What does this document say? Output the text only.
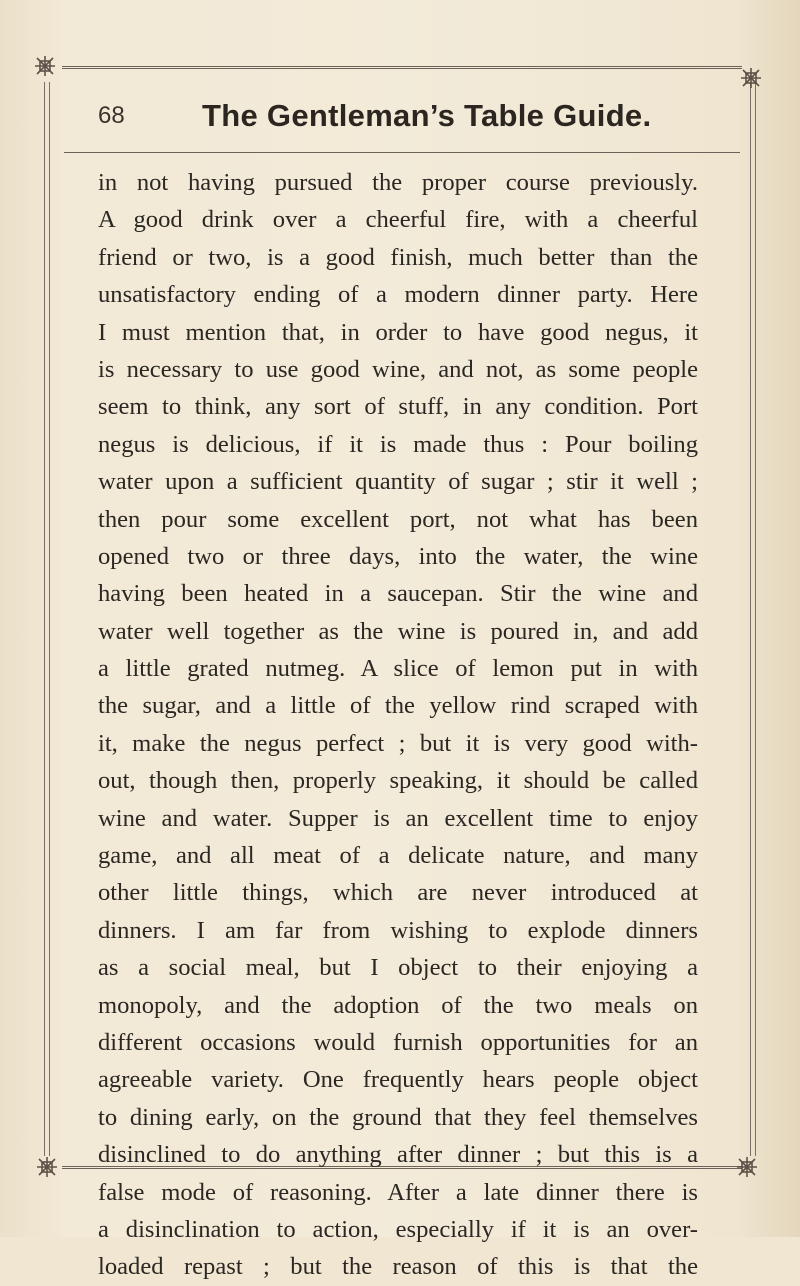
68 The Gentleman’s Table Guide.
in not having pursued the proper course previously.
A good drink over a cheerful fire, with a cheerful
friend or two, is a good finish, much better than the
unsatisfactory ending of a modern dinner party. Here
I must mention that, in order to have good negus, it
is necessary to use good wine, and not, as some people
seem to think, any sort of stuff, in any condition. Port
negus is delicious, if it is made thus : Pour boiling
water upon a sufficient quantity of sugar ; stir it well ;
then pour some excellent port, not what has been
opened two or three days, into the water, the wine
having been heated in a saucepan. Stir the wine and
water well together as the wine is poured in, and add
a little grated nutmeg. A slice of lemon put in with
the sugar, and a little of the yellow rind scraped with
it, make the negus perfect ; but it is very good with-
out, though then, properly speaking, it should be called
wine and water. Supper is an excellent time to enjoy
game, and all meat of a delicate nature, and many
other little things, which are never introduced at
dinners. I am far from wishing to explode dinners
as a social meal, but I object to their enjoying a
monopoly, and the adoption of the two meals on
different occasions would furnish opportunities for an
agreeable variety. One frequently hears people object
to dining early, on the ground that they feel themselves
disinclined to do anything after dinner ; but this is a
false mode of reasoning. After a late dinner there is
a disinclination to action, especially if it is an over-
loaded repast ; but the reason of this is that the
